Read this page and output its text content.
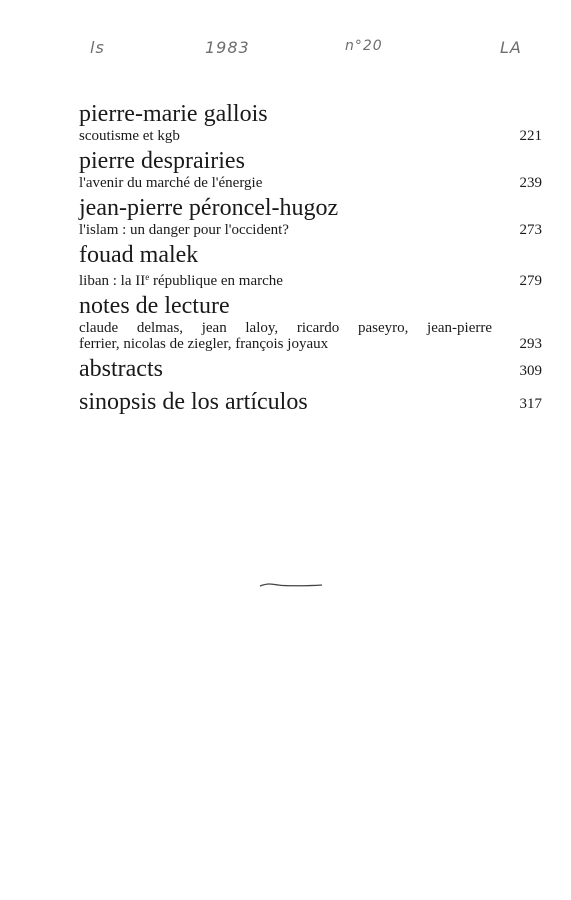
ls	1983	n°20	LA
pierre-marie gallois
scoutisme et kgb	221
pierre desprairies
l'avenir du marché de l'énergie	239
jean-pierre péroncel-hugoz
l'islam : un danger pour l'occident?	273
fouad malek
liban : la IIe république en marche	279
notes de lecture
claude delmas, jean laloy, ricardo paseyro, jean-pierre
ferrier, nicolas de ziegler, françois joyaux	293
abstracts	309
sinopsis de los artículos	317
